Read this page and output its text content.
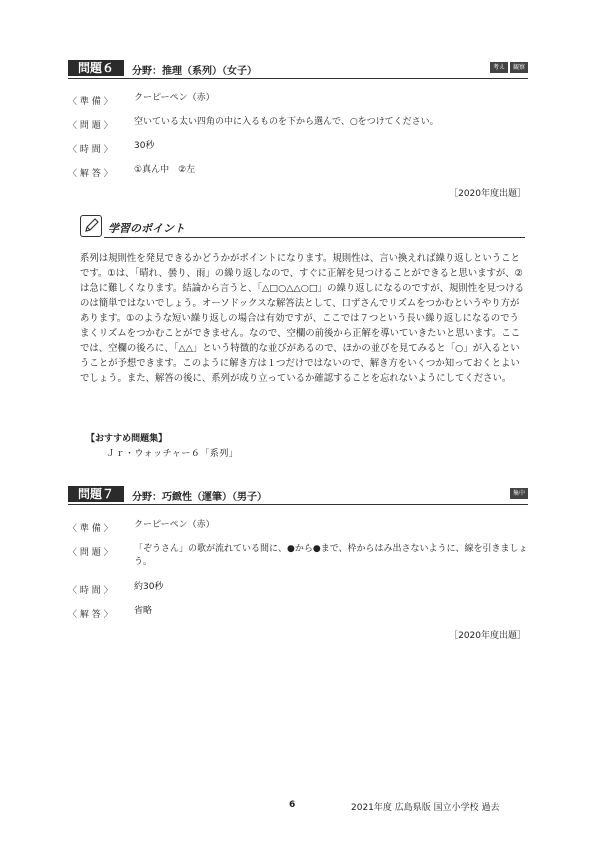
問題６	分野：推理（系列）（女子）	考え	観察
〈 準 備 〉	クーピーペン（赤）
〈 問 題 〉	空いている太い四角の中に入るものを下から選んで、○をつけてください。
〈 時 間 〉	30秒
〈 解 答 〉	①真ん中　②左
［2020年度出題］
学習のポイント
系列は規則性を発見できるかどうかがポイントになります。規則性は、言い換えれば繰り返しということです。①は、「晴れ、曇り、雨」の繰り返しなので、すぐに正解を見つけることができると思いますが、②は急に難しくなります。結論から言うと、「△□○△△○□」の繰り返しになるのですが、規則性を見つけるのは簡単ではないでしょう。オーソドックスな解答法として、口ずさんでリズムをつかむというやり方があります。①のような短い繰り返しの場合は有効ですが、ここでは７つという長い繰り返しになるのでうまくリズムをつかむことができません。なので、空欄の前後から正解を導いていきたいと思います。ここでは、空欄の後ろに、「△△」という特徴的な並びがあるので、ほかの並びを見てみると「○」が入るということが予想できます。このように解き方は１つだけではないので、解き方をいくつか知っておくとよいでしょう。また、解答の後に、系列が成り立っているか確認することを忘れないようにしてください。
【おすすめ問題集】
Ｊｒ・ウォッチャー６「系列」
問題７	分野：巧緻性（運筆）（男子）	集中
〈 準 備 〉	クーピーペン（赤）
〈 問 題 〉	「ぞうさん」の歌が流れている間に、●から●まで、枠からはみ出さないように、線を引きましょう。
〈 時 間 〉	約30秒
〈 解 答 〉	省略
［2020年度出題］
6	2021年度 広島県版 国立小学校 過去
